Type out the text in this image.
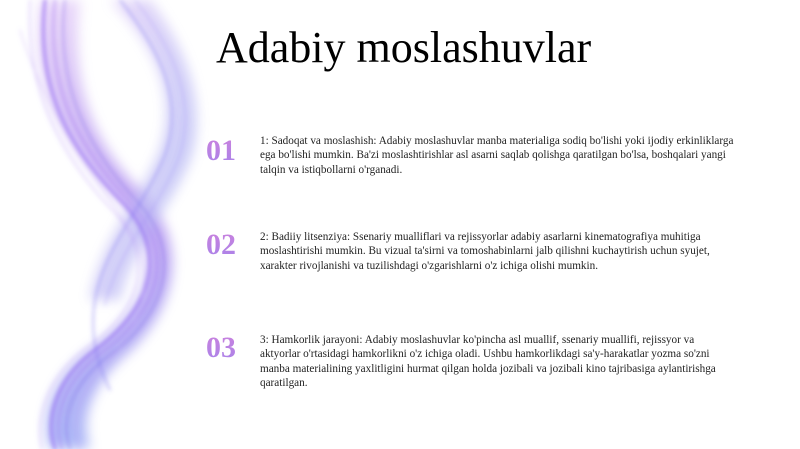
Adabiy moslashuvlar
01	1: Sadoqat va moslashish: Adabiy moslashuvlar manba materialiga sodiq bo'lishi yoki ijodiy erkinliklarga ega bo'lishi mumkin. Ba'zi moslashtirishlar asl asarni saqlab qolishga qaratilgan bo'lsa, boshqalari yangi talqin va istiqbollarni o'rganadi.
02	2: Badiiy litsenziya: Ssenariy mualliflari va rejissyorlar adabiy asarlarni kinematografiya muhitiga moslashtirishi mumkin. Bu vizual ta'sirni va tomoshabinlarni jalb qilishni kuchaytirish uchun syujet, xarakter rivojlanishi va tuzilishdagi o'zgarishlarni o'z ichiga olishi mumkin.
03	3: Hamkorlik jarayoni: Adabiy moslashuvlar ko'pincha asl muallif, ssenariy muallifi, rejissyor va aktyorlar o'rtasidagi hamkorlikni o'z ichiga oladi. Ushbu hamkorlikdagi sa'y-harakatlar yozma so'zni manba materialining yaxlitligini hurmat qilgan holda jozibali va jozibali kino tajribasiga aylantirishga qaratilgan.
